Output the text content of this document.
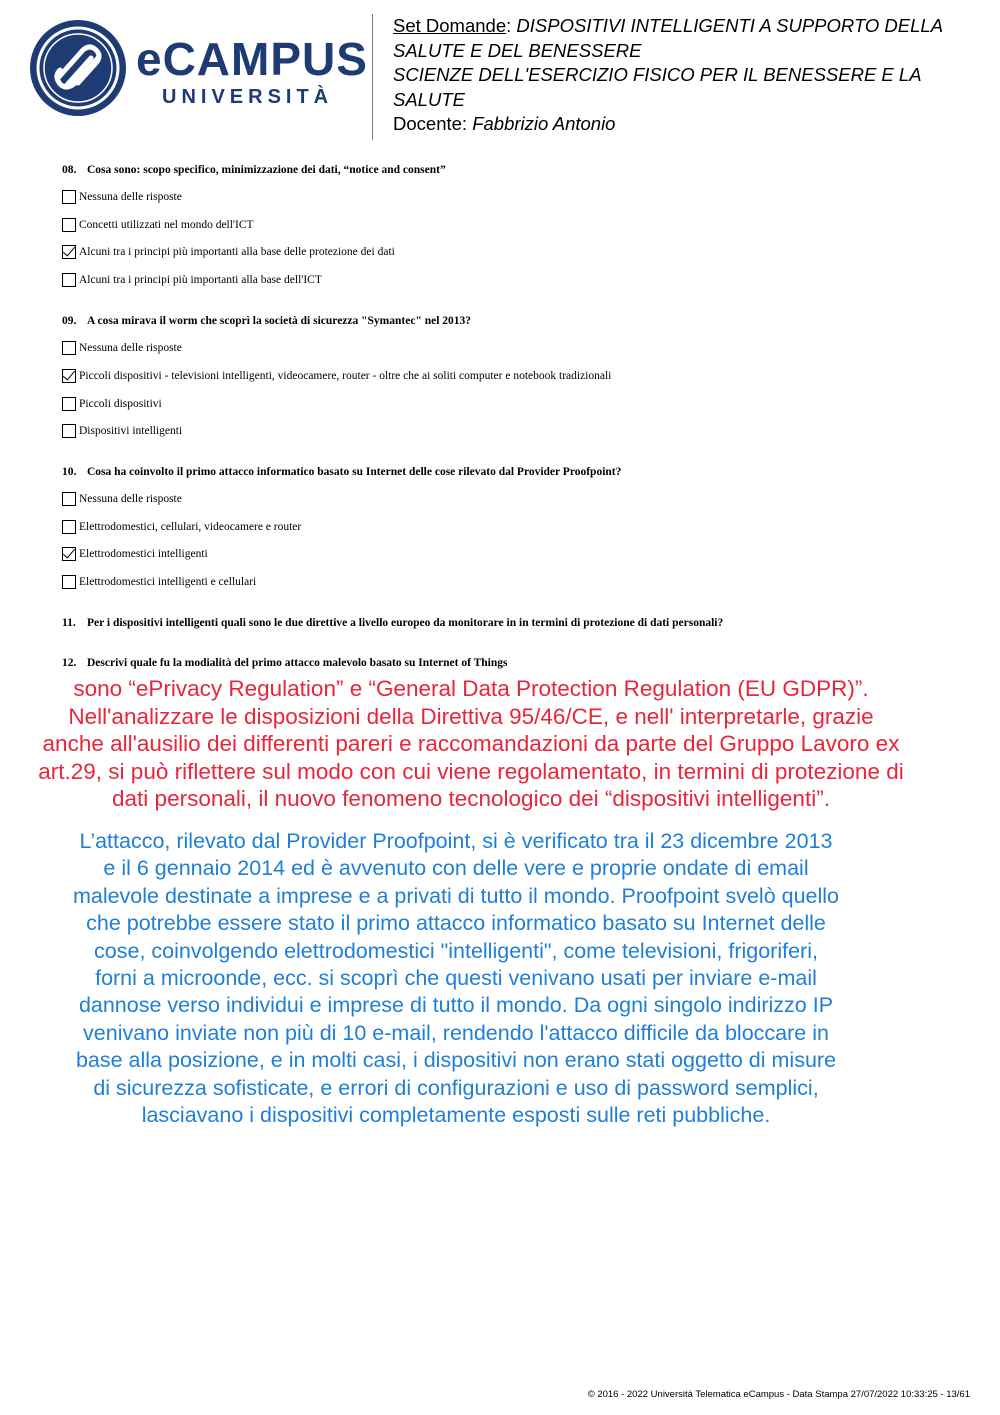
eCAMPUS
UNIVERSITÀ
Set Domande: DISPOSITIVI INTELLIGENTI A SUPPORTO DELLA
SALUTE E DEL BENESSERE
SCIENZE DELL'ESERCIZIO FISICO PER IL BENESSERE E LA
SALUTE
Docente: Fabbrizio Antonio
08. Cosa sono: scopo specifico, minimizzazione dei dati, “notice and consent”
Nessuna delle risposte
Concetti utilizzati nel mondo dell'ICT
Alcuni tra i principi più importanti alla base delle protezione dei dati
Alcuni tra i principi più importanti alla base dell'ICT
09. A cosa mirava il worm che scoprì la società di sicurezza "Symantec" nel 2013?
Nessuna delle risposte
Piccoli dispositivi - televisioni intelligenti, videocamere, router - oltre che ai soliti computer e notebook tradizionali
Piccoli dispositivi
Dispositivi intelligenti
10. Cosa ha coinvolto il primo attacco informatico basato su Internet delle cose rilevato dal Provider Proofpoint?
Nessuna delle risposte
Elettrodomestici, cellulari, videocamere e router
Elettrodomestici intelligenti
Elettrodomestici intelligenti e cellulari
11. Per i dispositivi intelligenti quali sono le due direttive a livello europeo da monitorare in in termini di protezione di dati personali?
12. Descrivi quale fu la modialità del primo attacco malevolo basato su Internet of Things
sono “ePrivacy Regulation” e “General Data Protection Regulation (EU GDPR)”.
Nell'analizzare le disposizioni della Direttiva 95/46/CE, e nell' interpretarle, grazie
anche all'ausilio dei differenti pareri e raccomandazioni da parte del Gruppo Lavoro ex
art.29, si può riflettere sul modo con cui viene regolamentato, in termini di protezione di
dati personali, il nuovo fenomeno tecnologico dei “dispositivi intelligenti”.
L’attacco, rilevato dal Provider Proofpoint, si è verificato tra il 23 dicembre 2013
e il 6 gennaio 2014 ed è avvenuto con delle vere e proprie ondate di email
malevole destinate a imprese e a privati di tutto il mondo. Proofpoint svelò quello
che potrebbe essere stato il primo attacco informatico basato su Internet delle
cose, coinvolgendo elettrodomestici "intelligenti", come televisioni, frigoriferi,
forni a microonde, ecc. si scoprì che questi venivano usati per inviare e-mail
dannose verso individui e imprese di tutto il mondo. Da ogni singolo indirizzo IP
venivano inviate non più di 10 e-mail, rendendo l'attacco difficile da bloccare in
base alla posizione, e in molti casi, i dispositivi non erano stati oggetto di misure
di sicurezza sofisticate, e errori di configurazioni e uso di password semplici,
lasciavano i dispositivi completamente esposti sulle reti pubbliche.
© 2016 - 2022 Università Telematica eCampus - Data Stampa 27/07/2022 10:33:25 - 13/61
